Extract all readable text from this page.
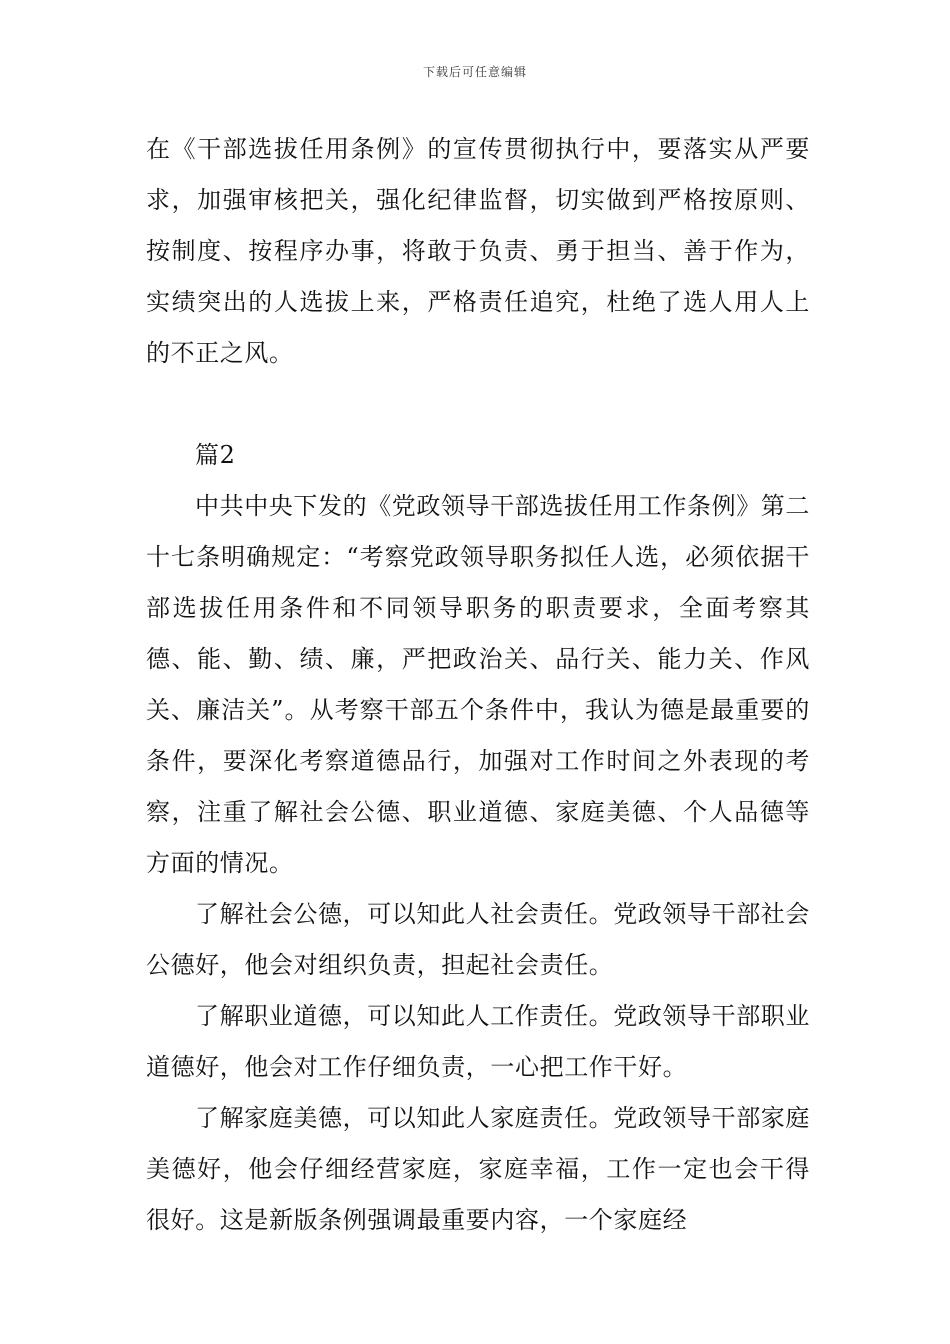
下载后可任意编辑

在《干部选拔任用条例》的宣传贯彻执行中，要落实从严要求，加强审核把关，强化纪律监督，切实做到严格按原则、按制度、按程序办事，将敢于负责、勇于担当、善于作为，实绩突出的人选拔上来，严格责任追究，杜绝了选人用人上的不正之风。

篇2

中共中央下发的《党政领导干部选拔任用工作条例》第二十七条明确规定：“考察党政领导职务拟任人选，必须依据干部选拔任用条件和不同领导职务的职责要求，全面考察其德、能、勤、绩、廉，严把政治关、品行关、能力关、作风关、廉洁关”。从考察干部五个条件中，我认为德是最重要的条件，要深化考察道德品行，加强对工作时间之外表现的考察，注重了解社会公德、职业道德、家庭美德、个人品德等方面的情况。

了解社会公德，可以知此人社会责任。党政领导干部社会公德好，他会对组织负责，担起社会责任。

了解职业道德，可以知此人工作责任。党政领导干部职业道德好，他会对工作仔细负责，一心把工作干好。

了解家庭美德，可以知此人家庭责任。党政领导干部家庭美德好，他会仔细经营家庭，家庭幸福，工作一定也会干得很好。这是新版条例强调最重要内容，一个家庭经
